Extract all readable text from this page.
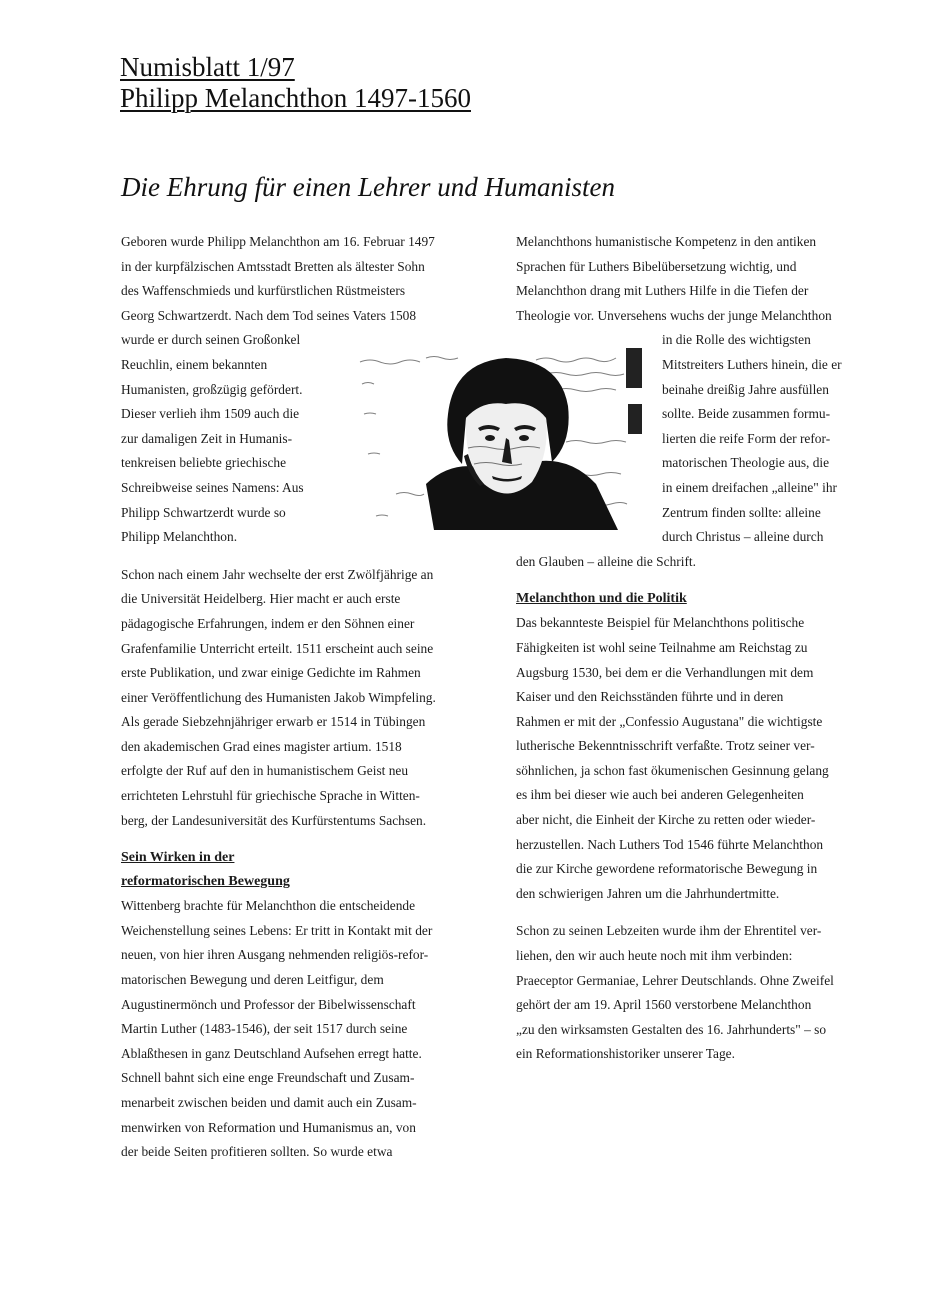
Numisblatt 1/97
Philipp Melanchthon 1497-1560
Die Ehrung für einen Lehrer und Humanisten

Geboren wurde Philipp Melanchthon am 16. Februar 1497

in der kurpfälzischen Amtsstadt Bretten als ältester Sohn

des Waffenschmieds und kurfürstlichen Rüstmeisters

Georg Schwartzerdt. Nach dem Tod seines Vaters 1508

wurde er durch seinen Großonkel

Reuchlin, einem bekannten

Humanisten, großzügig gefördert.

Dieser verlieh ihm 1509 auch die

zur damaligen Zeit in Humanis-

tenkreisen beliebte griechische

Schreibweise seines Namens: Aus

Philipp Schwartzerdt wurde so

Philipp Melanchthon.

Schon nach einem Jahr wechselte der erst Zwölfjährige an

die Universität Heidelberg. Hier macht er auch erste

pädagogische Erfahrungen, indem er den Söhnen einer

Grafenfamilie Unterricht erteilt. 1511 erscheint auch seine

erste Publikation, und zwar einige Gedichte im Rahmen

einer Veröffentlichung des Humanisten Jakob Wimpfeling.

Als gerade Siebzehnjähriger erwarb er 1514 in Tübingen

den akademischen Grad eines magister artium. 1518

erfolgte der Ruf auf den in humanistischem Geist neu

errichteten Lehrstuhl für griechische Sprache in Witten-

berg, der Landesuniversität des Kurfürstentums Sachsen.

Sein Wirken in der
reformatorischen Bewegung

Wittenberg brachte für Melanchthon die entscheidende

Weichenstellung seines Lebens: Er tritt in Kontakt mit der

neuen, von hier ihren Ausgang nehmenden religiös-refor-

matorischen Bewegung und deren Leitfigur, dem

Augustinermönch und Professor der Bibelwissenschaft

Martin Luther (1483-1546), der seit 1517 durch seine

Ablaßthesen in ganz Deutschland Aufsehen erregt hatte.

Schnell bahnt sich eine enge Freundschaft und Zusam-

menarbeit zwischen beiden und damit auch ein Zusam-

menwirken von Reformation und Humanismus an, von

der beide Seiten profitieren sollten. So wurde etwa

Melanchthons humanistische Kompetenz in den antiken

Sprachen für Luthers Bibelübersetzung wichtig, und

Melanchthon drang mit Luthers Hilfe in die Tiefen der

Theologie vor. Unversehens wuchs der junge Melanchthon

in die Rolle des wichtigsten

Mitstreiters Luthers hinein, die er

beinahe dreißig Jahre ausfüllen

sollte. Beide zusammen formu-

lierten die reife Form der refor-

matorischen Theologie aus, die

in einem dreifachen „alleine" ihr

Zentrum finden sollte: alleine

durch Christus – alleine durch

den Glauben – alleine die Schrift.

Melanchthon und die Politik

Das bekannteste Beispiel für Melanchthons politische

Fähigkeiten ist wohl seine Teilnahme am Reichstag zu

Augsburg 1530, bei dem er die Verhandlungen mit dem

Kaiser und den Reichsständen führte und in deren

Rahmen er mit der „Confessio Augustana" die wichtigste

lutherische Bekenntnisschrift verfaßte. Trotz seiner ver-

söhnlichen, ja schon fast ökumenischen Gesinnung gelang

es ihm bei dieser wie auch bei anderen Gelegenheiten

aber nicht, die Einheit der Kirche zu retten oder wieder-

herzustellen. Nach Luthers Tod 1546 führte Melanchthon

die zur Kirche gewordene reformatorische Bewegung in

den schwierigen Jahren um die Jahrhundertmitte.

Schon zu seinen Lebzeiten wurde ihm der Ehrentitel ver-

liehen, den wir auch heute noch mit ihm verbinden:

Praeceptor Germaniae, Lehrer Deutschlands. Ohne Zweifel

gehört der am 19. April 1560 verstorbene Melanchthon

„zu den wirksamsten Gestalten des 16. Jahrhunderts" – so

ein Reformationshistoriker unserer Tage.
